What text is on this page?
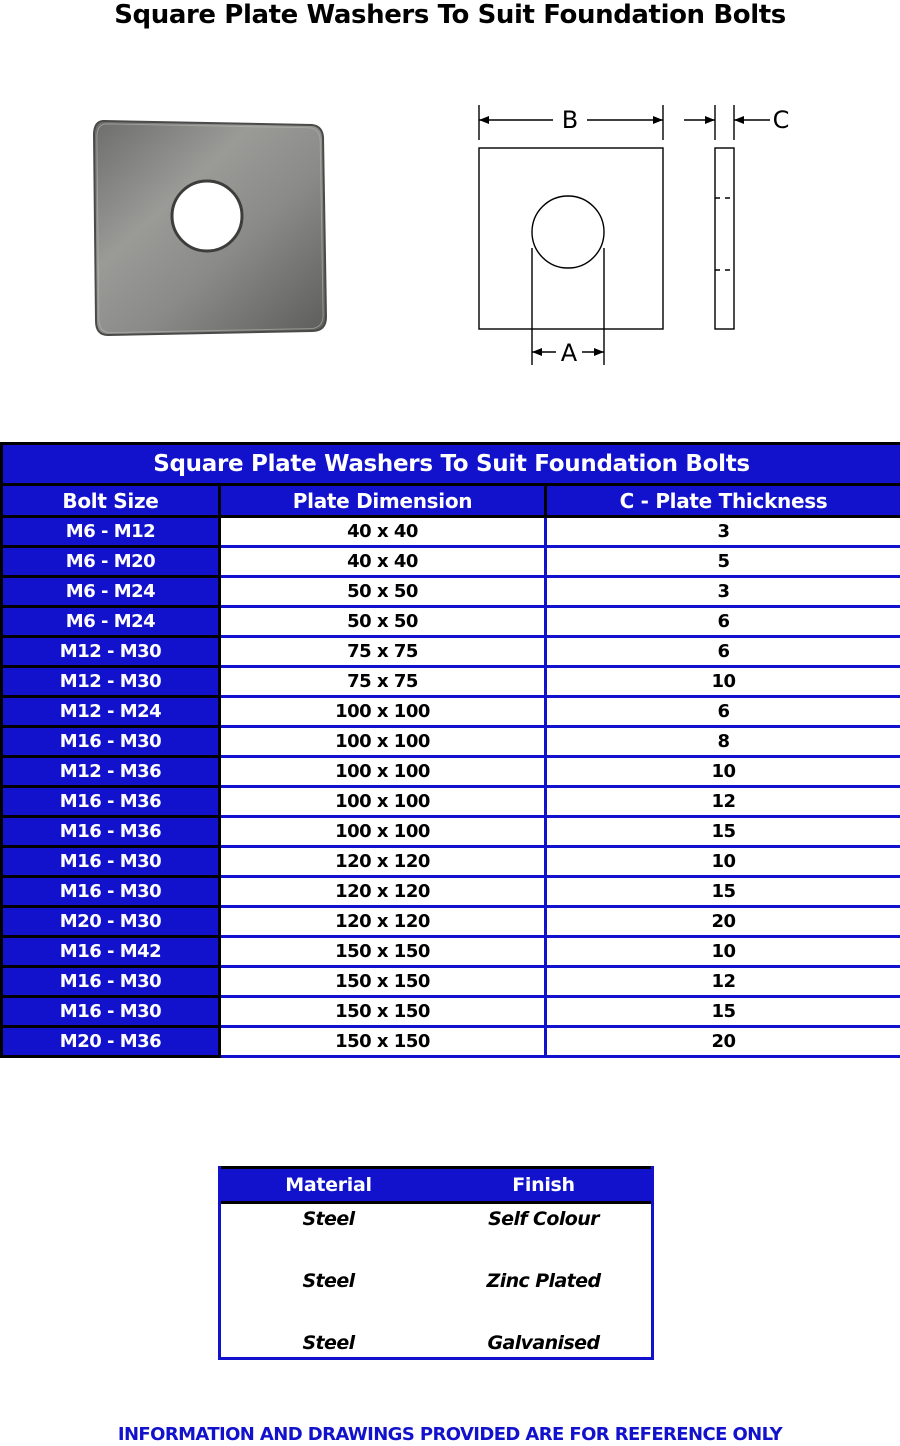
Square Plate Washers To Suit Foundation Bolts
B
A
C
Square Plate Washers To Suit Foundation Bolts		
Bolt Size	Plate Dimension	C - Plate Thickness
M6 - M12	40 x 40	3
M6 - M20	40 x 40	5
M6 - M24	50 x 50	3
M6 - M24	50 x 50	6
M12 - M30	75 x 75	6
M12 - M30	75 x 75	10
M12 - M24	100 x 100	6
M16 - M30	100 x 100	8
M12 - M36	100 x 100	10
M16 - M36	100 x 100	12
M16 - M36	100 x 100	15
M16 - M30	120 x 120	10
M16 - M30	120 x 120	15
M20 - M30	120 x 120	20
M16 - M42	150 x 150	10
M16 - M30	150 x 150	12
M16 - M30	150 x 150	15
M20 - M36	150 x 150	20
Material	Finish
Steel	Self Colour
Steel	Zinc Plated
Steel	Galvanised
INFORMATION AND DRAWINGS PROVIDED ARE FOR REFERENCE ONLY
